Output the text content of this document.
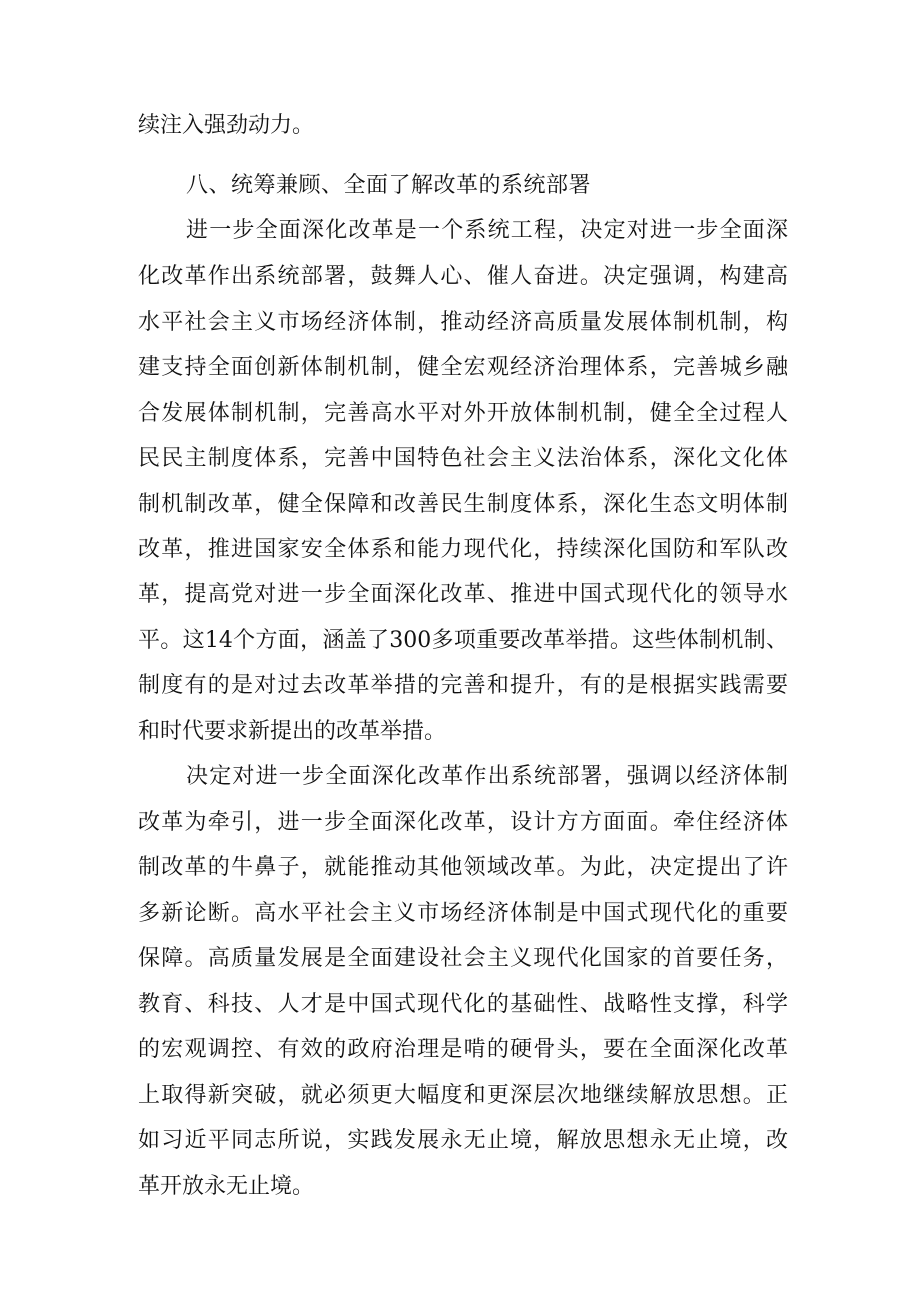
续注入强劲动力。
八、统筹兼顾、全面了解改革的系统部署
进一步全面深化改革是一个系统工程，决定对进一步全面深
化改革作出系统部署，鼓舞人心、催人奋进。决定强调，构建高
水平社会主义市场经济体制，推动经济高质量发展体制机制，构
建支持全面创新体制机制，健全宏观经济治理体系，完善城乡融
合发展体制机制，完善高水平对外开放体制机制，健全全过程人
民民主制度体系，完善中国特色社会主义法治体系，深化文化体
制机制改革，健全保障和改善民生制度体系，深化生态文明体制
改革，推进国家安全体系和能力现代化，持续深化国防和军队改
革，提高党对进一步全面深化改革、推进中国式现代化的领导水
平。这14个方面，涵盖了300多项重要改革举措。这些体制机制、
制度有的是对过去改革举措的完善和提升，有的是根据实践需要
和时代要求新提出的改革举措。
决定对进一步全面深化改革作出系统部署，强调以经济体制
改革为牵引，进一步全面深化改革，设计方方面面。牵住经济体
制改革的牛鼻子，就能推动其他领域改革。为此，决定提出了许
多新论断。高水平社会主义市场经济体制是中国式现代化的重要
保障。高质量发展是全面建设社会主义现代化国家的首要任务，
教育、科技、人才是中国式现代化的基础性、战略性支撑，科学
的宏观调控、有效的政府治理是啃的硬骨头，要在全面深化改革
上取得新突破，就必须更大幅度和更深层次地继续解放思想。正
如习近平同志所说，实践发展永无止境，解放思想永无止境，改
革开放永无止境。
